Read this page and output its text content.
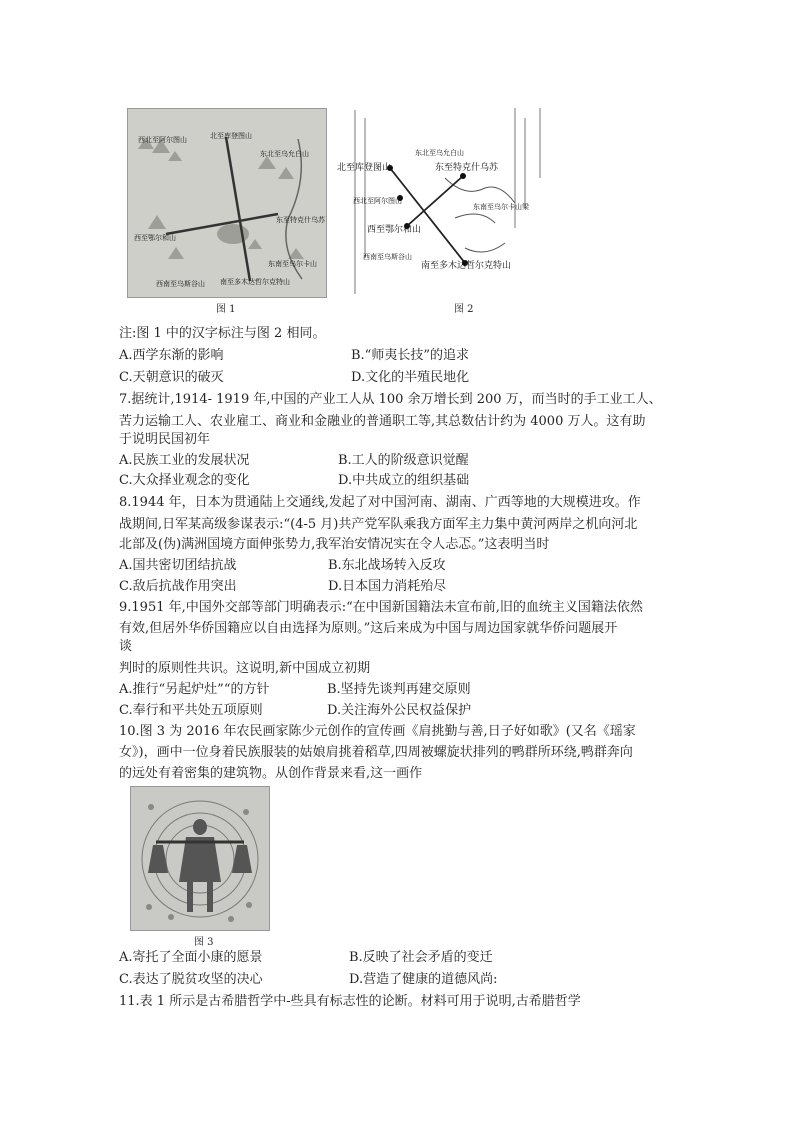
北至库登图山
东北至乌允白山
西北至阿尔图山
东至特克什乌苏
西至鄂尔和山
西南至乌斯谷山 南至多木达哲尔克特山
东南至乌尔卡山
图 1
东北至乌允白山
北至库登图山	东至特克什乌苏
西北至阿尔图山
东南至乌尔卡山梁
西至鄂尔和山
西南至乌斯谷山
南至多木达哲尔克特山
图 2
注:图 1 中的汉字标注与图 2 相同。
A.西学东渐的影响	B.“师夷长技”的追求
C.天朝意识的破灭	D.文化的半殖民地化
7.据统计,1914- 1919 年,中国的产业工人从 100 余万增长到 200 万，而当时的手工业工人、
苦力运输工人、农业雇工、商业和金融业的普通职工等,其总数估计约为 4000 万人。这有助
于说明民国初年
A.民族工业的发展状况	B.工人的阶级意识觉醒
C.大众择业观念的变化	D.中共成立的组织基础
8.1944 年，日本为贯通陆上交通线,发起了对中国河南、湖南、广西等地的大规模进攻。作
战期间,日军某高级参谋表示:“(4-5 月)共产党军队乘我方面军主力集中黄河两岸之机向河北
北部及(伪)满洲国境方面伸张势力,我军治安情况实在令人忐忑。”这表明当时
A.国共密切团结抗战	B.东北战场转入反攻
C.敌后抗战作用突出	D.日本国力消耗殆尽
9.1951 年,中国外交部等部门明确表示:“在中国新国籍法未宣布前,旧的血统主义国籍法依然
有效,但居外华侨国籍应以自由选择为原则。”这后来成为中国与周边国家就华侨问题展开
谈
判时的原则性共识。这说明,新中国成立初期
A.推行“另起炉灶”“的方针	B.坚持先谈判再建交原则
C.奉行和平共处五项原则	D.关注海外公民权益保护
10.图 3 为 2016 年农民画家陈少元创作的宣传画《肩挑勤与善,日子好如歌》(又名《瑶家
女》)，画中一位身着民族服装的姑娘肩挑着稻草,四周被螺旋状排列的鸭群所环绕,鸭群奔向
的远处有着密集的建筑物。从创作背景来看,这一画作
图 3
A.寄托了全面小康的愿景	B.反映了社会矛盾的变迁
C.表达了脱贫攻坚的决心	D.营造了健康的道德风尚:
11.表 1 所示是古希腊哲学中-些具有标志性的论断。材料可用于说明,古希腊哲学
